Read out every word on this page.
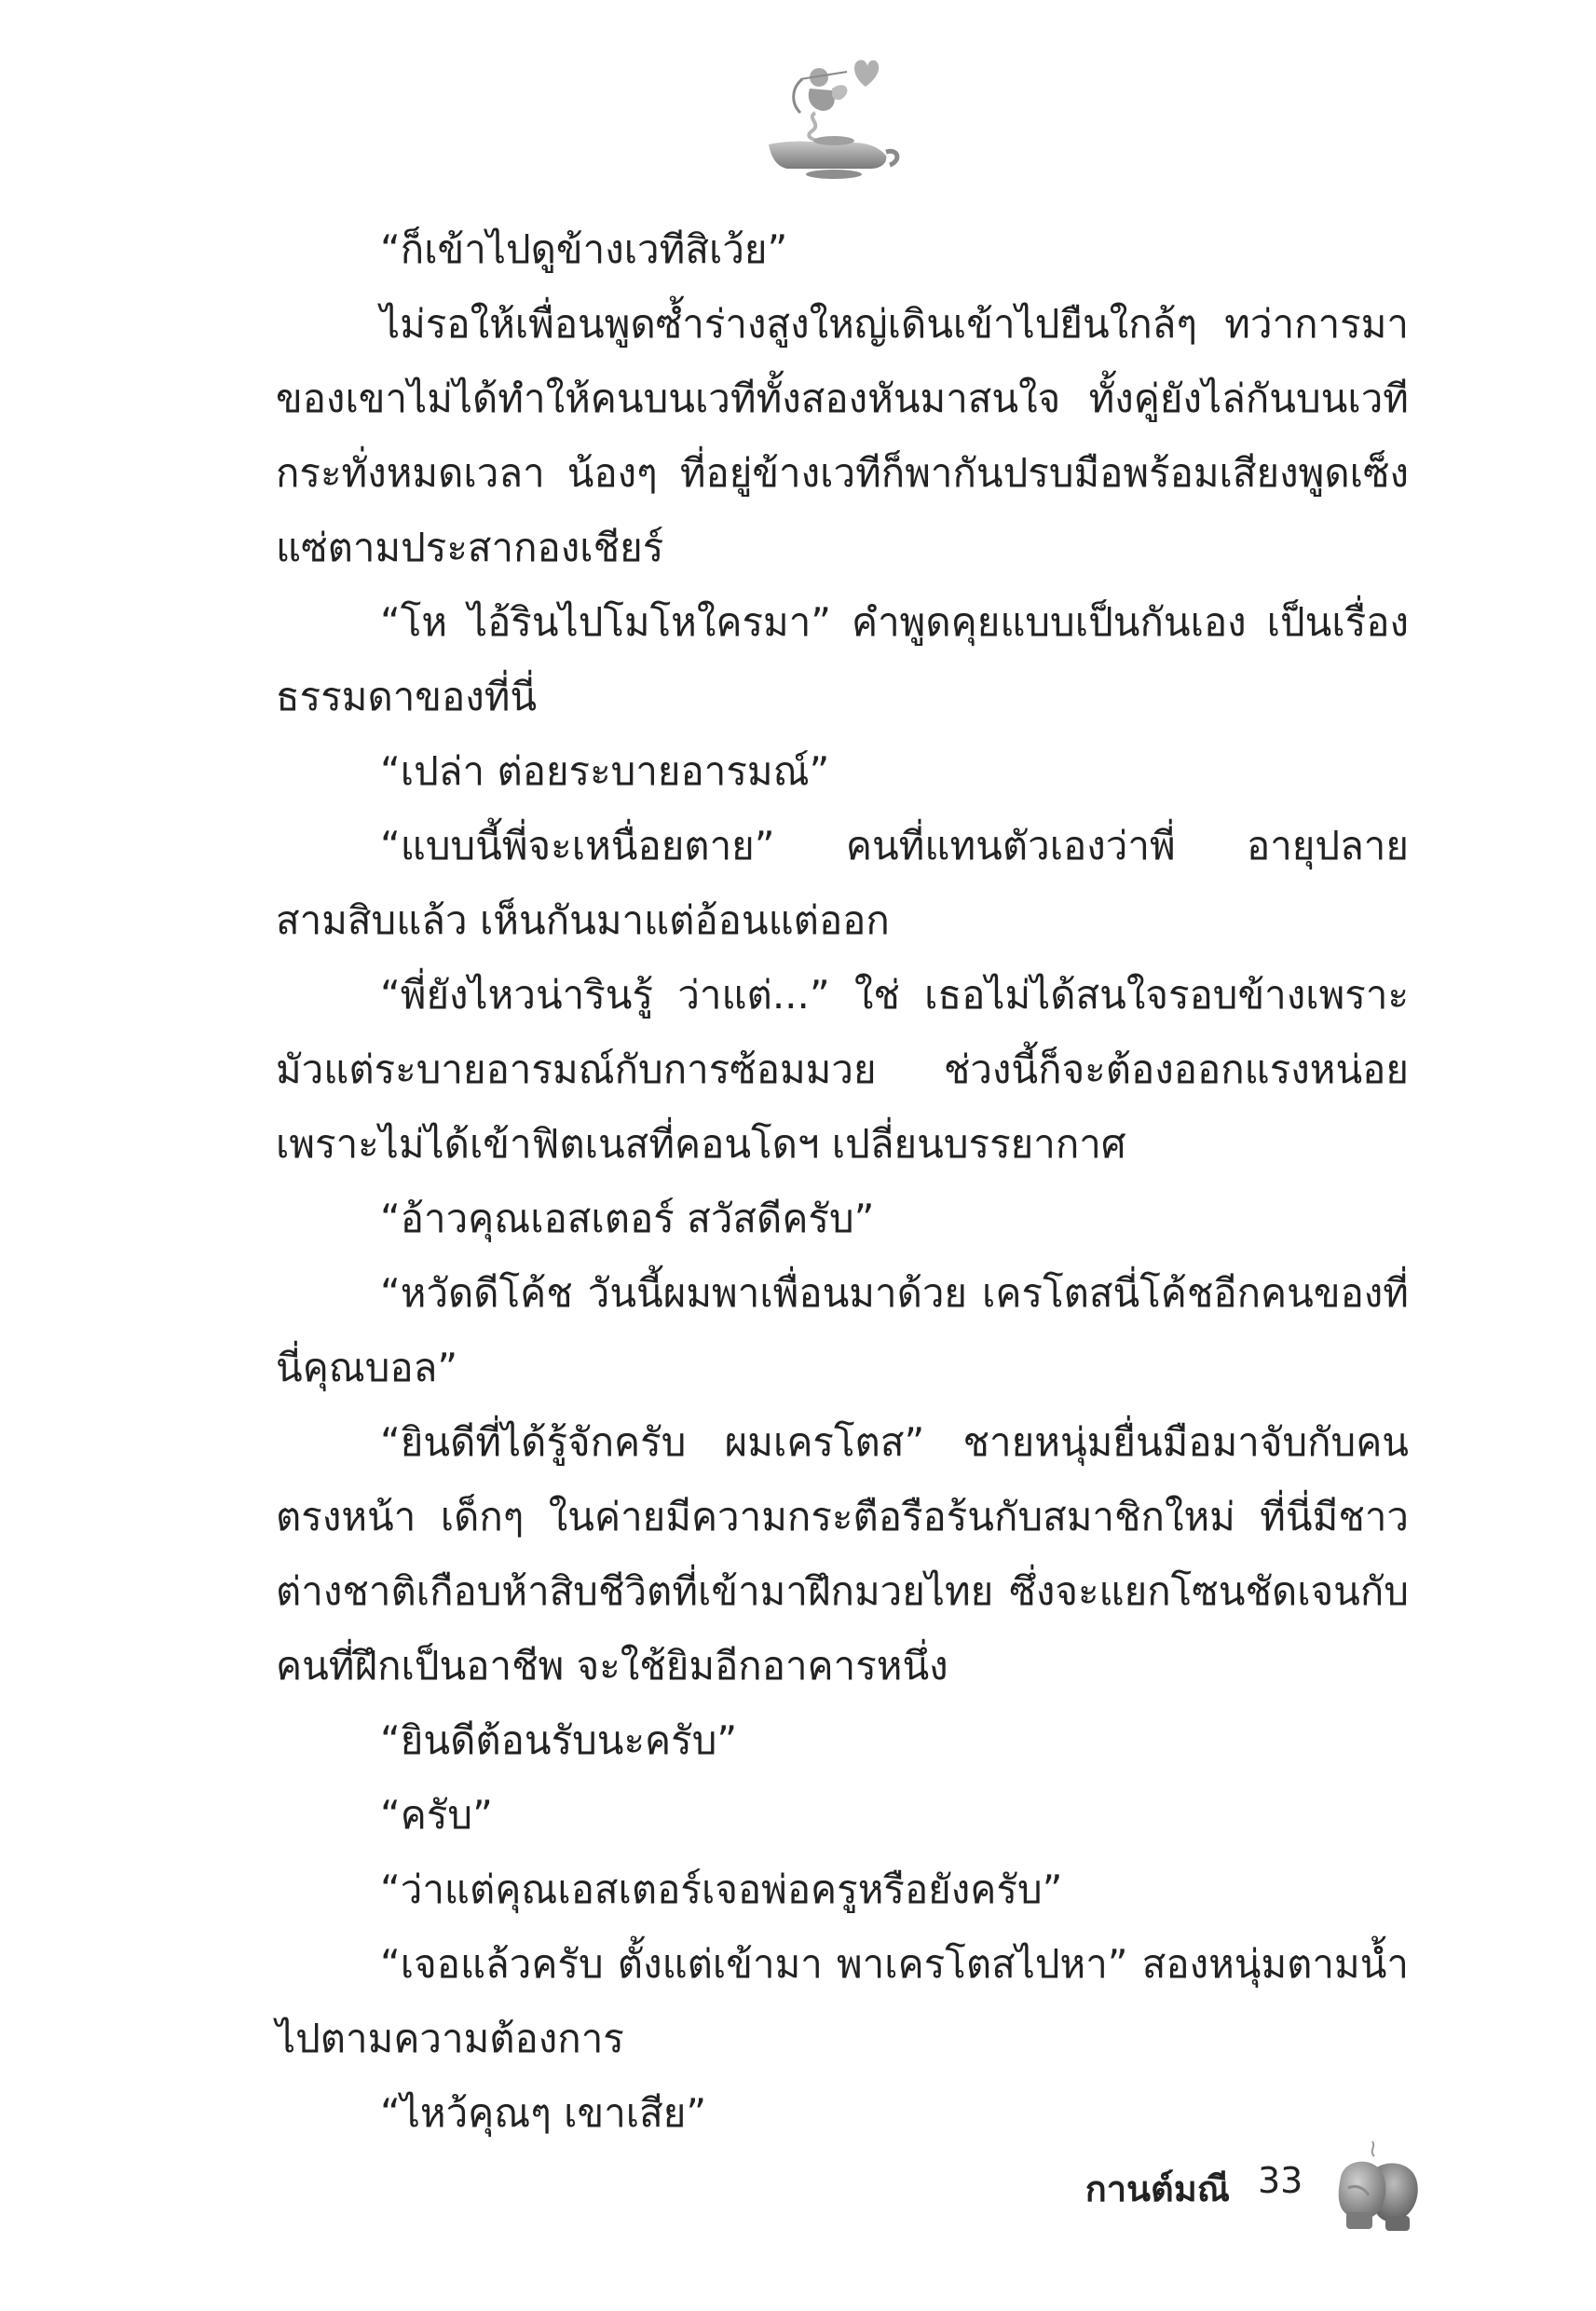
“ก็เข้าไปดูข้างเวทีสิเว้ย”

ไม่รอให้เพื่อนพูดซ้ำร่างสูงใหญ่เดินเข้าไปยืนใกล้ๆ ทว่าการมาของเขาไม่ได้ทำให้คนบนเวทีทั้งสองหันมาสนใจ ทั้งคู่ยังไล่กันบนเวทีกระทั่งหมดเวลา น้องๆ ที่อยู่ข้างเวทีก็พากันปรบมือพร้อมเสียงพูดเซ็งแซ่ตามประสากองเชียร์

“โห ไอ้รินไปโมโหใครมา” คำพูดคุยแบบเป็นกันเอง เป็นเรื่องธรรมดาของที่นี่

“เปล่า ต่อยระบายอารมณ์”

“แบบนี้พี่จะเหนื่อยตาย” คนที่แทนตัวเองว่าพี่ อายุปลายสามสิบแล้ว เห็นกันมาแต่อ้อนแต่ออก

“พี่ยังไหวน่ารินรู้ ว่าแต่...” ใช่ เธอไม่ได้สนใจรอบข้างเพราะมัวแต่ระบายอารมณ์กับการซ้อมมวย ช่วงนี้ก็จะต้องออกแรงหน่อยเพราะไม่ได้เข้าฟิตเนสที่คอนโดฯ เปลี่ยนบรรยากาศ

“อ้าวคุณเอสเตอร์ สวัสดีครับ”

“หวัดดีโค้ช วันนี้ผมพาเพื่อนมาด้วย เครโตสนี่โค้ชอีกคนของที่นี่คุณบอล”

“ยินดีที่ได้รู้จักครับ ผมเครโตส” ชายหนุ่มยื่นมือมาจับกับคนตรงหน้า เด็กๆ ในค่ายมีความกระตือรือร้นกับสมาชิกใหม่ ที่นี่มีชาวต่างชาติเกือบห้าสิบชีวิตที่เข้ามาฝึกมวยไทย ซึ่งจะแยกโซนชัดเจนกับคนที่ฝึกเป็นอาชีพ จะใช้ยิมอีกอาคารหนึ่ง

“ยินดีต้อนรับนะครับ”

“ครับ”

“ว่าแต่คุณเอสเตอร์เจอพ่อครูหรือยังครับ”

“เจอแล้วครับ ตั้งแต่เข้ามา พาเครโตสไปหา” สองหนุ่มตามน้ำไปตามความต้องการ

“ไหว้คุณๆ เขาเสีย”

กานต์มณี 33
